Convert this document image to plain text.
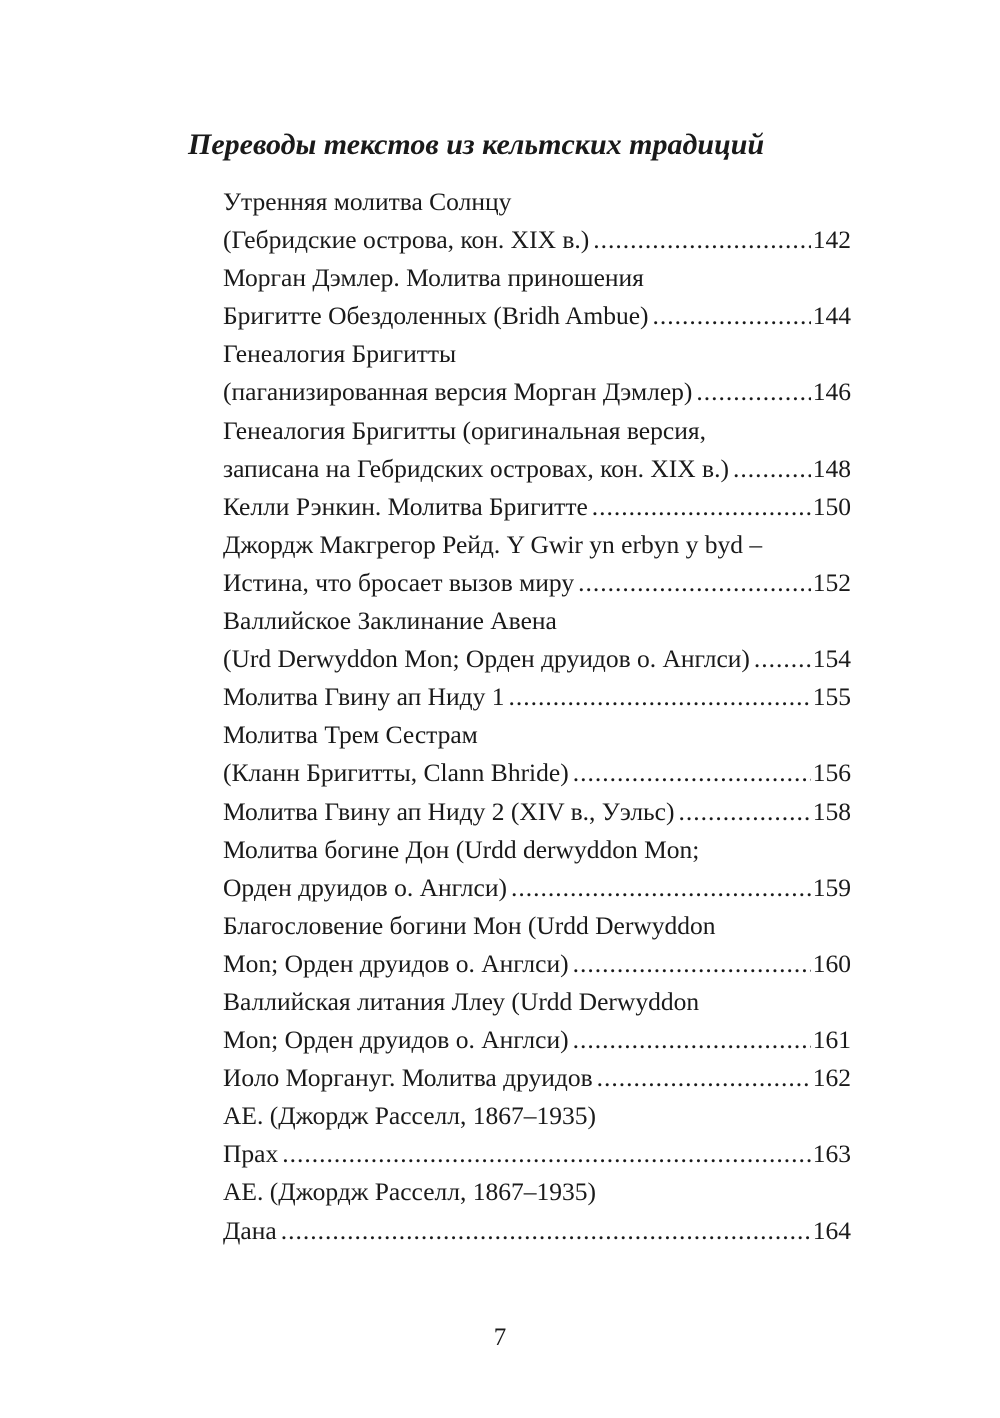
Переводы текстов из кельтских традиций
Утренняя молитва Солнцу
(Гебридские острова, кон. XIX в.) .....	142
Морган Дэмлер. Молитва приношения
Бригитте Обездоленных (Bridh Ambue) .....	144
Генеалогия Бригитты
(паганизированная версия Морган Дэмлер) .....	146
Генеалогия Бригитты (оригинальная версия,
записана на Гебридских островах, кон. XIX в.) .....	148
Келли Рэнкин. Молитва Бригитте .....	150
Джордж Макгрегор Рейд. Y Gwir yn erbyn y byd –
Истина, что бросает вызов миру .....	152
Валлийское Заклинание Авена
(Urd Derwyddon Mon; Орден друидов о. Англси) ..... 154
Молитва Гвину ап Ниду 1 .....	155
Молитва Трем Сестрам
(Кланн Бригитты, Clann Bhride) .....	156
Молитва Гвину ап Ниду 2 (XIV в., Уэльс) .....	158
Молитва богине Дон (Urdd derwyddon Mon;
Орден друидов о. Англси) .....	159
Благословение богини Мон (Urdd Derwyddon
Mon; Орден друидов о. Англси) .....	160
Валлийская литания Ллеу (Urdd Derwyddon
Mon; Орден друидов о. Англси) .....	161
Иоло Моргануг. Молитва друидов .....	162
АЕ. (Джордж Расселл, 1867–1935)
Прах .....	163
АЕ. (Джордж Расселл, 1867–1935)
Дана .....	164
7
